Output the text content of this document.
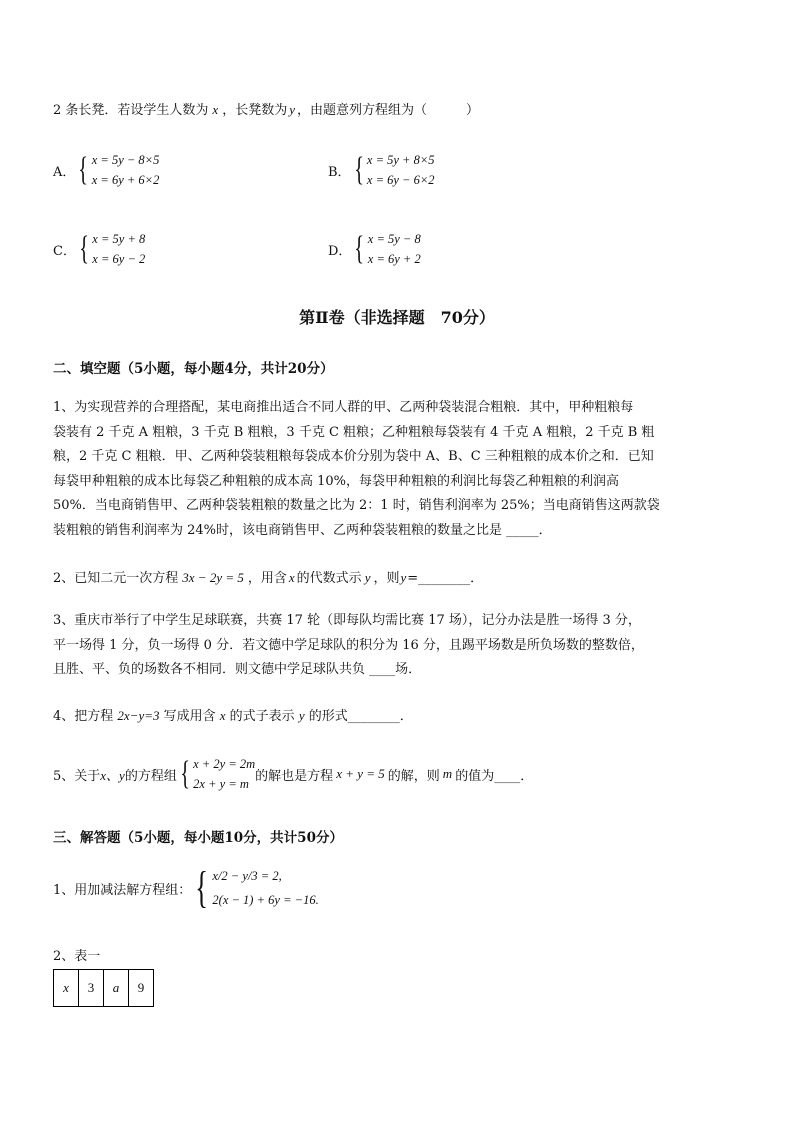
2 条长凳．若设学生人数为 x ，长凳数为 y ，由题意列方程组为（　　　）
A． { x = 5y − 8×5
x = 6y + 6×2
B． { x = 5y + 8×5
x = 6y − 6×2
C． { x = 5y + 8
x = 6y − 2
D． { x = 5y − 8
x = 6y + 2
第Ⅱ卷（非选择题　70分）
二、填空题（5小题，每小题4分，共计20分）
1、为实现营养的合理搭配，某电商推出适合不同人群的甲、乙两种袋装混合粗粮．其中，甲种粗粮每
袋装有 2 千克 A 粗粮，3 千克 B 粗粮，3 千克 C 粗粮；乙种粗粮每袋装有 4 千克 A 粗粮，2 千克 B 粗
粮，2 千克 C 粗粮．甲、乙两种袋装粗粮每袋成本价分别为袋中 A、B、C 三种粗粮的成本价之和．已知
每袋甲种粗粮的成本比每袋乙种粗粮的成本高 10%，每袋甲种粗粮的利润比每袋乙种粗粮的利润高
50%．当电商销售甲、乙两种袋装粗粮的数量之比为 2：1 时，销售利润率为 25%；当电商销售这两款袋
装粗粮的销售利润率为 24%时，该电商销售甲、乙两种袋装粗粮的数量之比是 _____．
2、已知二元一次方程 3x − 2y = 5 ，用含 x 的代数式示 y ，则y=________．
3、重庆市举行了中学生足球联赛，共赛 17 轮（即每队均需比赛 17 场），记分办法是胜一场得 3 分，
平一场得 1 分，负一场得 0 分．若文德中学足球队的积分为 16 分，且踢平场数是所负场数的整数倍，
且胜、平、负的场数各不相同．则文德中学足球队共负 ____场．
4、把方程 2x−y=3 写成用含 x 的式子表示 y 的形式________．
5、关于 x、y 的方程组 { x + 2y = 2m
2x + y = m
的解也是方程 x + y = 5 的解，则 m 的值为____．
三、解答题（5小题，每小题10分，共计50分）
1、用加减法解方程组： { x/2 − y/3 = 2,
2(x − 1) + 6y = −16.
2、表一
x	3	a	9
